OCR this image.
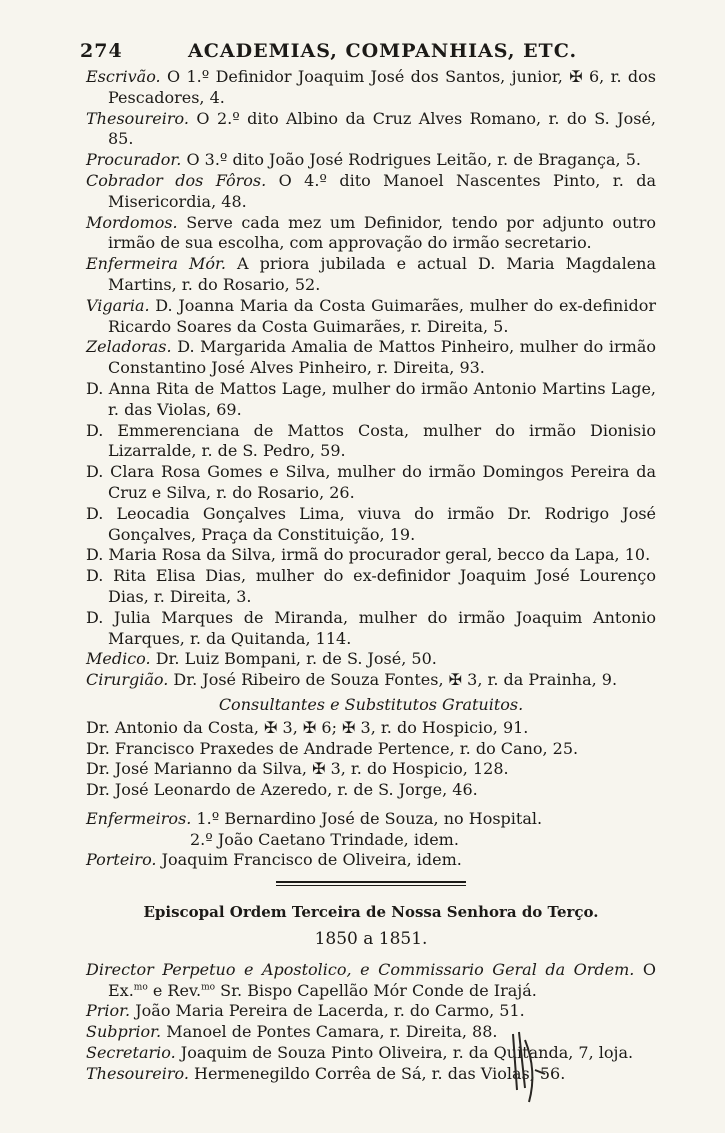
274	ACADEMIAS, COMPANHIAS, ETC.
Escrivão. O 1.º Definidor Joaquim José dos Santos, junior, ✠ 6, r. dos Pescadores, 4.
Thesoureiro. O 2.º dito Albino da Cruz Alves Romano, r. do S. José, 85.
Procurador. O 3.º dito João José Rodrigues Leitão, r. de Bragança, 5.
Cobrador dos Fôros. O 4.º dito Manoel Nascentes Pinto, r. da Misericordia, 48.
Mordomos. Serve cada mez um Definidor, tendo por adjunto outro irmão de sua escolha, com approvação do irmão secretario.
Enfermeira Mór. A priora jubilada e actual D. Maria Magdalena Martins, r. do Rosario, 52.
Vigaria. D. Joanna Maria da Costa Guimarães, mulher do ex-definidor Ricardo Soares da Costa Guimarães, r. Direita, 5.
Zeladoras. D. Margarida Amalia de Mattos Pinheiro, mulher do irmão Constantino José Alves Pinheiro, r. Direita, 93.
D. Anna Rita de Mattos Lage, mulher do irmão Antonio Martins Lage, r. das Violas, 69.
D. Emmerenciana de Mattos Costa, mulher do irmão Dionisio Lizarralde, r. de S. Pedro, 59.
D. Clara Rosa Gomes e Silva, mulher do irmão Domingos Pereira da Cruz e Silva, r. do Rosario, 26.
D. Leocadia Gonçalves Lima, viuva do irmão Dr. Rodrigo José Gonçalves, Praça da Constituição, 19.
D. Maria Rosa da Silva, irmã do procurador geral, becco da Lapa, 10.
D. Rita Elisa Dias, mulher do ex-definidor Joaquim José Lourenço Dias, r. Direita, 3.
D. Julia Marques de Miranda, mulher do irmão Joaquim Antonio Marques, r. da Quitanda, 114.
Medico. Dr. Luiz Bompani, r. de S. José, 50.
Cirurgião. Dr. José Ribeiro de Souza Fontes, ✠ 3, r. da Prainha, 9.
Consultantes e Substitutos Gratuitos.
Dr. Antonio da Costa, ✠ 3, ✠ 6; ✠ 3, r. do Hospicio, 91.
Dr. Francisco Praxedes de Andrade Pertence, r. do Cano, 25.
Dr. José Marianno da Silva, ✠ 3, r. do Hospicio, 128.
Dr. José Leonardo de Azeredo, r. de S. Jorge, 46.
Enfermeiros. 1.º Bernardino José de Souza, no Hospital.
2.º João Caetano Trindade, idem.
Porteiro. Joaquim Francisco de Oliveira, idem.
Episcopal Ordem Terceira de Nossa Senhora do Terço.
1850 a 1851.
Director Perpetuo e Apostolico, e Commissario Geral da Ordem. O Ex.$^{mo}$ e Rev.$^{mo}$ Sr. Bispo Capellão Mór Conde de Irajá.
Prior. João Maria Pereira de Lacerda, r. do Carmo, 51.
Subprior. Manoel de Pontes Camara, r. Direita, 88.
Secretario. Joaquim de Souza Pinto Oliveira, r. da Quitanda, 7, loja.
Thesoureiro. Hermenegildo Corrêa de Sá, r. das Violas, 56.
